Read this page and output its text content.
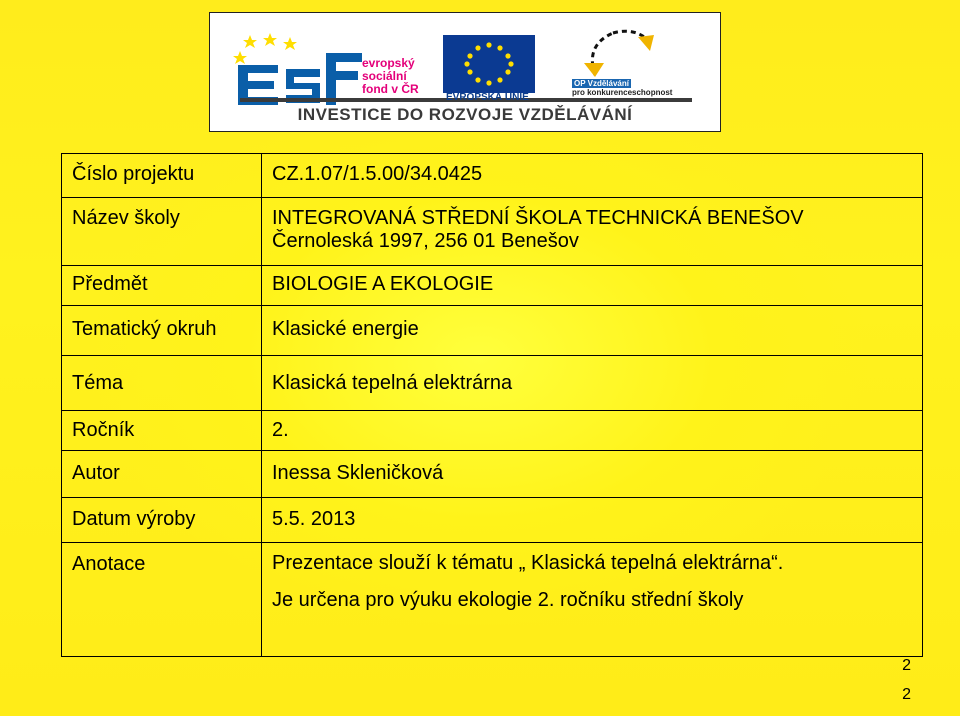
evropský
sociální
fond v ČR
EVROPSKÁ UNIE
OP Vzdělávání
pro konkurenceschopnost
INVESTICE DO ROZVOJE VZDĚLÁVÁNÍ
Číslo projektu	CZ.1.07/1.5.00/34.0425

Název školy	INTEGROVANÁ STŘEDNÍ ŠKOLA TECHNICKÁ BENEŠOV
Černoleská 1997, 256 01 Benešov

Předmět	BIOLOGIE A EKOLOGIE

Tematický okruh	Klasické energie

Téma	Klasická tepelná elektrárna

Ročník	2.

Autor	Inessa Skleničková

Datum výroby	5.5. 2013

Anotace	Prezentace slouží k tématu „ Klasická tepelná elektrárna“.
Je určena pro výuku ekologie 2. ročníku střední školy
2
2
